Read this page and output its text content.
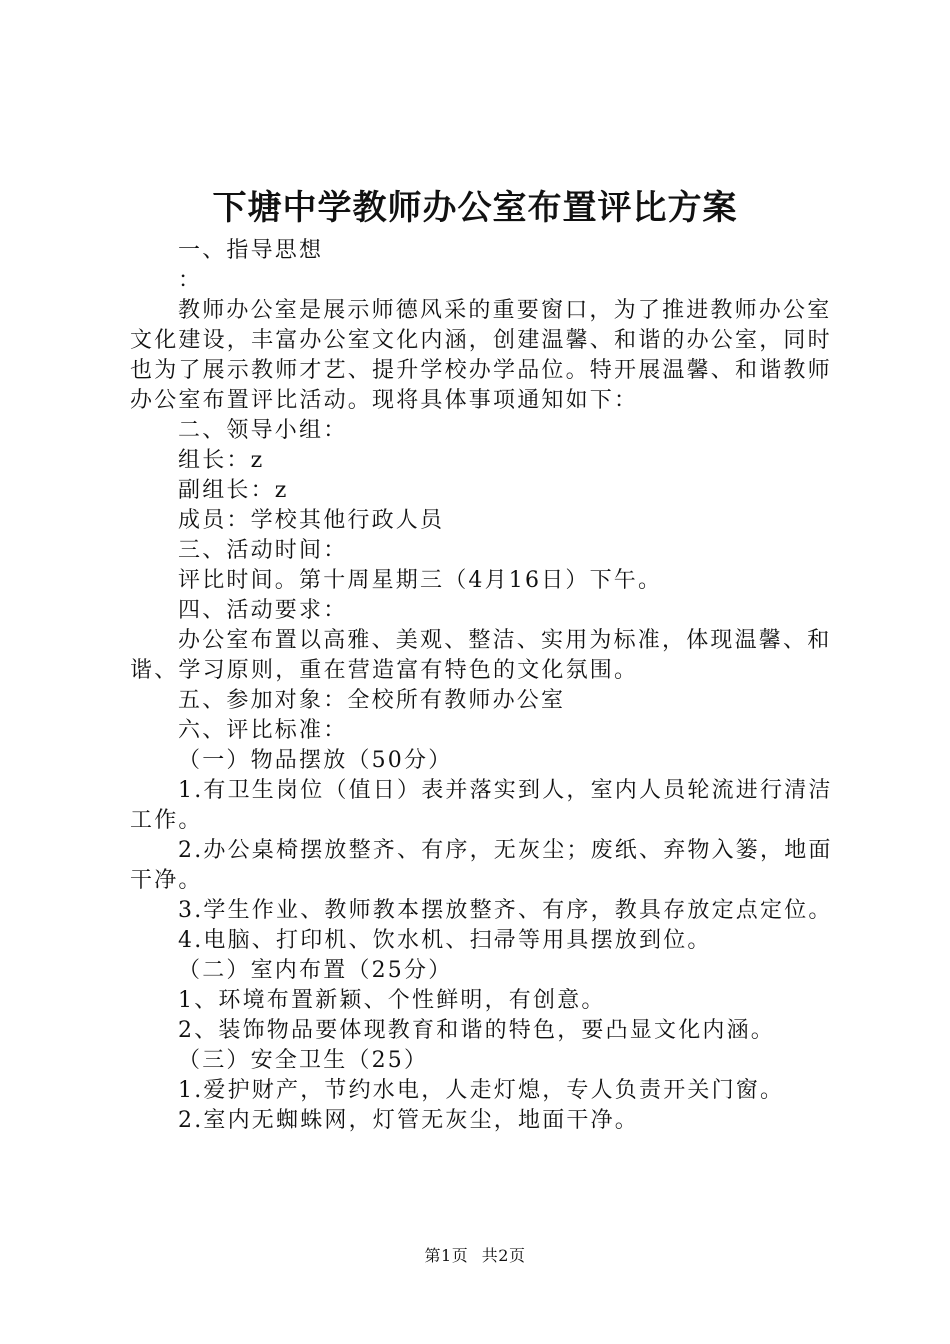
下塘中学教师办公室布置评比方案

一、指导思想

：

教师办公室是展示师德风采的重要窗口，为了推进教师办公室文化建设，丰富办公室文化内涵，创建温馨、和谐的办公室，同时也为了展示教师才艺、提升学校办学品位。特开展温馨、和谐教师办公室布置评比活动。现将具体事项通知如下：

二、领导小组：

组长：z

副组长：z

成员：学校其他行政人员

三、活动时间：

评比时间。第十周星期三（4月16日）下午。

四、活动要求：

办公室布置以高雅、美观、整洁、实用为标准，体现温馨、和谐、学习原则，重在营造富有特色的文化氛围。

五、参加对象：全校所有教师办公室

六、评比标准：

（一）物品摆放（50分）

1.有卫生岗位（值日）表并落实到人，室内人员轮流进行清洁工作。

2.办公桌椅摆放整齐、有序，无灰尘；废纸、弃物入篓，地面干净。

3.学生作业、教师教本摆放整齐、有序，教具存放定点定位。

4.电脑、打印机、饮水机、扫帚等用具摆放到位。

（二）室内布置（25分）

1、环境布置新颖、个性鲜明，有创意。

2、装饰物品要体现教育和谐的特色，要凸显文化内涵。

（三）安全卫生（25）

1.爱护财产，节约水电，人走灯熄，专人负责开关门窗。

2.室内无蜘蛛网，灯管无灰尘，地面干净。

第1页 共2页
